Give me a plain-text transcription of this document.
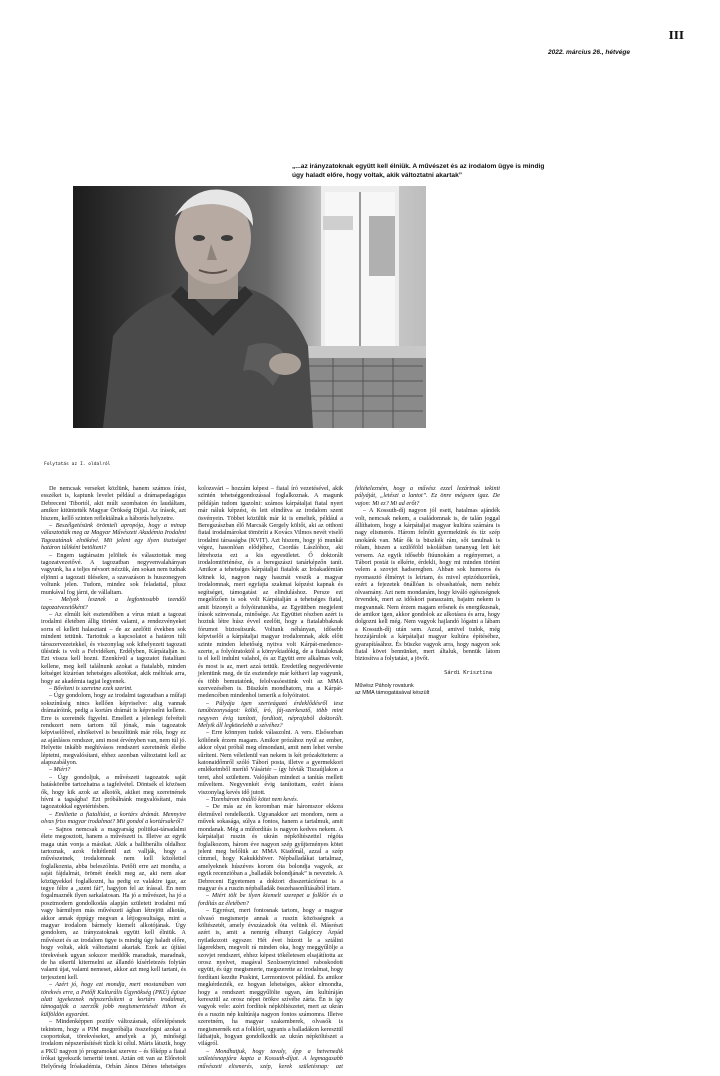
III
2022. március 26., hétvége
„...az irányzatoknak együtt kell élniük. A művészet és az irodalom ügye is mindig úgy haladt előre, hogy voltak, akik változtatni akartak”
Folytatás az I. oldalról

De nemcsak verseket közlünk, hanem számos írást, esszéket is, kaptunk levelet például a drámapedagógus Debreceni Tibortól, akit múlt szombaton én laudáltam, amikor kitüntették Magyar Örökség Díjjal. Az írások, azt hiszem, kellő szinten reflektálnak a háborús helyzetre.

– Beszélgetésünk örömteli apropója, hogy a minap választották meg az Magyar Művészeti Akadémia Irodalmi Tagozatának elnökévé. Mit jelent egy ilyen tisztséget határon túliként betölteni?

– Engem tagtársaim jelöltek és választottak meg tagozatvezetővé. A tagozatban negyvenvalahányan vagyunk, ha a teljes névsort nézzük, ám sokan nem tudnak eljönni a tagozati ülésekre, a szavazáson is huszonegyen voltunk jelen. Tudom, mindez sok feladattal, plusz munkával fog járni, de vállaltam.

– Melyek lesznek a legfontosabb teendői tagozatvezetőként?

– Az elmúlt két esztendőben a vírus miatt a tagozat irodalmi életében állig történt valami, a rendezvényeket sorra el kellett halasztani – de az azelőtti években sok mindent tettünk. Tartottuk a kapcsolatot a határon túli társszervezetekkel, és viszonylag sok kihelyezett tagozati ülésünk is volt a Felvidéken, Erdélyben, Kárpátalján is. Ezt vissza kell hozni. Ezenkívül a tagozatot fiatalítani kellene, meg kell találnunk azokat a fiatalabb, minden kétséget kizáróan tehetséges alkotókat, akik méltóak arra, hogy az akadémia tagjai legyenek.

– Bővíteni is szeretne ezek szerint.

– Úgy gondolom, hogy az irodalmi tagozatban a műfaji sokszínűség nincs kellően képviselve: alig vannak drámaíróink, pedig a kortárs drámát is képviselni kellene. Erre is szeretnék figyelni. Emellett a jelenlegi felvételi rendszert nem tartom túl jónak, más tagozatok képviselőivel, elnökeivel is beszéltünk már róla, hogy ez az ajánlásos rendszer, ami most érvényben van, nem túl jó. Helyette inkább meghívásos rendszert szeretnénk életbe léptetni, megvalósítani, ehhez azonban változtatni kell az alapszabályon.

– Miért?

– Úgy gondoljuk, a művészeti tagozatok saját hatáskörébe tartozhatna a tagfelvétel. Döntsék el közösen ők, hogy kik azok az alkotók, akiket meg szeretnének hívni a tagságba! Ezt próbálnánk megvalósítani, más tagozatokkal egyetértésben.

– Említette a fiatalítást, a kortárs drámát. Mennyire olvas friss magyar irodalmat? Mit gondol a kortársakról?

– Sajnos nemcsak a magyarság politikai-társadalmi élete megosztott, hanem a művészeti is. Illetve az egyik maga után vonja a másikat. Akik a balliberális oldalhoz tartoznak, azok feltétlenül azt vallják, hogy a művészetnek, irodalomnak nem kell közéletiel foglalkoznia, abba beleszólnia. Petőfi erre azt mondta, a saját fájdalmát, örömét énekli meg az, aki nem akar közügyekkel foglalkozni, ha pedig ez valakire igaz, az tegye félre a „szent fát”, hagyjon fel az írással. Én nem fogalmaznék ilyen sarkalatosan. Ha jó a művészet, ha jó a posztmodern gondolkodás alapján született irodalmi mű vagy bármilyen más művészeti ágban létrejött alkotás, akkor annak éppúgy megvan a létjogosultsága, mint a magyar irodalom bármely kiemelt alkotójának. Úgy gondolom, az irányzatoknak együtt kell élniük. A művészet és az irodalom ügye is mindig úgy haladt előre, hogy voltak, akik változtatni akartak. Ezek az újítási törekvések ugyan sokszor meddők maradtak, maradnak, de ha sikerül kitermelni az állandó kísérletezés folytán valami újat, valami nemeset, akkor azt meg kell tartani, és terjeszteni kell.

– Azért jó, hogy ezt mondja, mert mostanában van törekvés erre, a Petőfi Kulturális Ügynökség (PKÜ) égisze alatt igyekeznek népszerűsíteni a kortárs irodalmat, támogatják a szerzők jobb megismertetését itthon és külföldön egyaránt.

– Mindenképpen pozitív változásnak, előrelépésnek tekintem, hogy a PIM megpróbálja összefogni azokat a csoportokat, törekvéseket, amelyek a jó, minőségi irodalom népszerűsítését tűzik ki célul. Máris látszik, hogy a PKÜ nagyon jó programokat szervez – és főképp a fiatal írókat igyekszik ismertté tenni. Aztán ott van az Előretolt Helyőrség Íróakadémia, Orbán János Dénes tehetséges kolozsvári – hozzám képest – fiatal író vezetésével, akik szintén tehetséggondozással foglalkoznak. A magunk példáján tudom igazolni: számos kárpátaljai fiatal nyert már náluk képzést, és lett elindítva az irodalom szent ösvényein. Többet közülük már ki is emeltek, például a Beregszászban élő Marcsák Gergely költőt, aki az otthoni fiatal irodalmárokat tömöríti a Kovács Vilmos nevét viselő irodalmi társaságba (KVIT). Azt hiszem, hogy jó munkát végez, hasonlóan elődjéhez, Csordás Lászlóhoz, aki létrehozta ezt a kis egyesületet. Ő doktorált irodalomtörténész, és a beregszászi tanárképzőn tanít. Amikor a tehetséges kárpátaljai fiatalok az Íróakadémián kötnek ki, nagyon nagy hasznát veszik a magyar irodalomnak, mert egyfajta szakmai képzést kapnak és segítséget, támogatást az elinduláshoz. Persze ezt megelőzően is sok volt Kárpátalján a tehetséges fiatal, amit bizonyít a folyóiratunkba, az Együttben megjelent írások szinvonala, minősége. Az Együttet részben azért is hoztuk létre húsz évvel ezelőtt, hogy a fiatalabbaknak fórumot biztosítsunk. Voltunk néhányan, idősebb képviselői a kárpátaljai magyar irodalomnak, akik előtt szinte minden lehetőség nyitva volt Kárpát-medence-szerte, a folyóiratoktól a könyvkiadókig, de a fiataloknak is el kell indulni valahol, és az Együtt erre alkalmas volt, és most is az, mert azzá tettük. Eredetileg negyedévente jelentünk meg, de tíz esztendeje már kéthavi lap vagyunk, és több bemutatónk, felolvasóestünk volt az MMA szervezésében is. Büszkén mondhatom, ma a Kárpát-medencében mindenhol ismerik a folyóiratot.

– Pályája igen szerteágazó érdeklődésről tesz tanúbizonyságot: költő, író, fáj-szerkesztő, több mint negyven évig tanított, fordított, néprajzból doktorált. Melyik áll legközelebb a szívéhez?

– Erre könnyen tudok válaszolni. A vers. Elsősorban költőnek érzem magam. Amikor prózához nyúl az ember, akkor olyat próbál meg elmondani, amit nem lehet versbe sűríteni. Nem véletlenül van nekem is két prózakötetem: a katonaidőmről szóló Táborí posta, illetve a gyermekkori emlékeimből merítő Vásártér – így hívták Tiszaújlakon a teret, ahol születtem. Valójában mindezt a tanítás mellett műveltem. Negyvenkét évig tanítottam, ezért írásra viszonylag kevés idő jutott.

– Tizenhárom önálló kötet nem kevés.

– De más az én koromban már háromszor ekkora életművel rendelkezik. Ugyanakkor azt mondom, nem a művek sokasága, súlya a fontos, hanem a tartalmuk, amit mondanak. Még a műfordítás is nagyon kedves nekem. A kárpátaljai ruszin és ukrán népköltészettel régóta foglalkozom, három éve nagyon szép gyűjteményes kötet jelent meg belőlük az MMA Kiadónál, azzal a szép címmel, hogy Kakukkhöver. Népballadákat tartalmaz, amelyeknek húszéves korom óta bolondja vagyok, az egyik recenzióban a „balladák bolondjának” is neveztek. A Debreceni Egyetemen a doktori disszertációmat is a magyar és a ruszin népballadák összehasonlításából írtam.

– Miért tölt be ilyen kiemelt szerepet a folklór és a fordítás az életében?

– Egyrészt, mert fontosnak tartom, hogy a magyar olvasó megismerje annak a ruszin közösségnek a költészetét, amely évszázadok óta velünk él. Másrészt azért is, amit a nemrég elhunyt Galgóczy Árpád nyilatkozott egyszer. Hét évet húzott le a sztálini lágerekben, megvolt rá minden oka, hogy meggyűlölje a szovjet rendszert, ehhez képest tökéletesen elsajátította az orosz nyelvet, magával Szolzsenyicinnel raboskodott együtt, és úgy megismerte, megszerette az irodalmat, hogy fordítani kezdte Puskint, Lermontovot például. És amikor megkérdezték, ez hogyan lehetséges, akkor elmondta, hogy a rendszert meggyűlölte ugyan, ám kultúráján keresztül az orosz népet örökre szívébe zárta. Én is így vagyok vele: azért fordítok népköltészetet, mert az ukrán és a ruszin nép kultúrája nagyon fontos számomra. Illetve szeretném, ha magyar szakemberek, olvasók is megismernék ezt a folklórt, ugyanis a balladákon keresztül láthatjuk, hogyan gondolkodik az ukrán népköltészet a világról.

– Mondhatjuk, hogy tavaly, épp a hetvenedik születésnapjára kapta a Kossuth-díjat. A legmagasabb művészeti elismerés, szép, kerek születésnap: azt feltételezném, hogy a művész ezzel lezártnak tekinti pályáját, „letészi a lantot”. Ez önre mégsem igaz. De vajon: Mi ez? Mi ad erőt?

– A Kossuth-díj nagyon jól esett, hatalmas ajándék volt, nemcsak nekem, a családomnak is, de talán joggal állíthatom, hogy a kárpátaljai magyar kultúra számára is nagy elismerés. Három felnőtt gyermekünk és tíz szép unokánk van. Már ők is büszkék rám, sőt tanulnak is rólam, hiszen a szülőföld iskoláiban tananyag lett két versem. Az egyik idősebb fiúunokám a regényemet, a Tábori postát is elkérte, érdekli, hogy mi minden történt velem a szovjet hadseregben. Ahban sok humoros és nyomasztó élményt is leírtam, és mivel epizódszerűek, ezért a fejezetek önállóan is olvashatóak, nem nehéz olvasmány. Azt nem mondanám, hogy kiváló egészségnek örvendek, mert az időskori panaszaim, bajaim nekem is megvannak. Nem érzem magam erősnek és energikusnak, de amikor igen, akkor gondolok az alkotásra és arra, hogy dolgozni kell még. Nem vagyok hajlandó lógatni a lábam a Kossuth-díj után sem. Azzal, amivel tudok, még hozzájárulok a kárpátaljai magyar kultúra építéséhez, gyarapításához. És büszke vagyok arra, hogy nagyon sok fiatal követ bennünket, mert általuk, bennük látom biztosítva a folytatást, a jövőt.

Sárdi Krisztina
Művész Páholy rovatunk
az MMA támogatásával készült
